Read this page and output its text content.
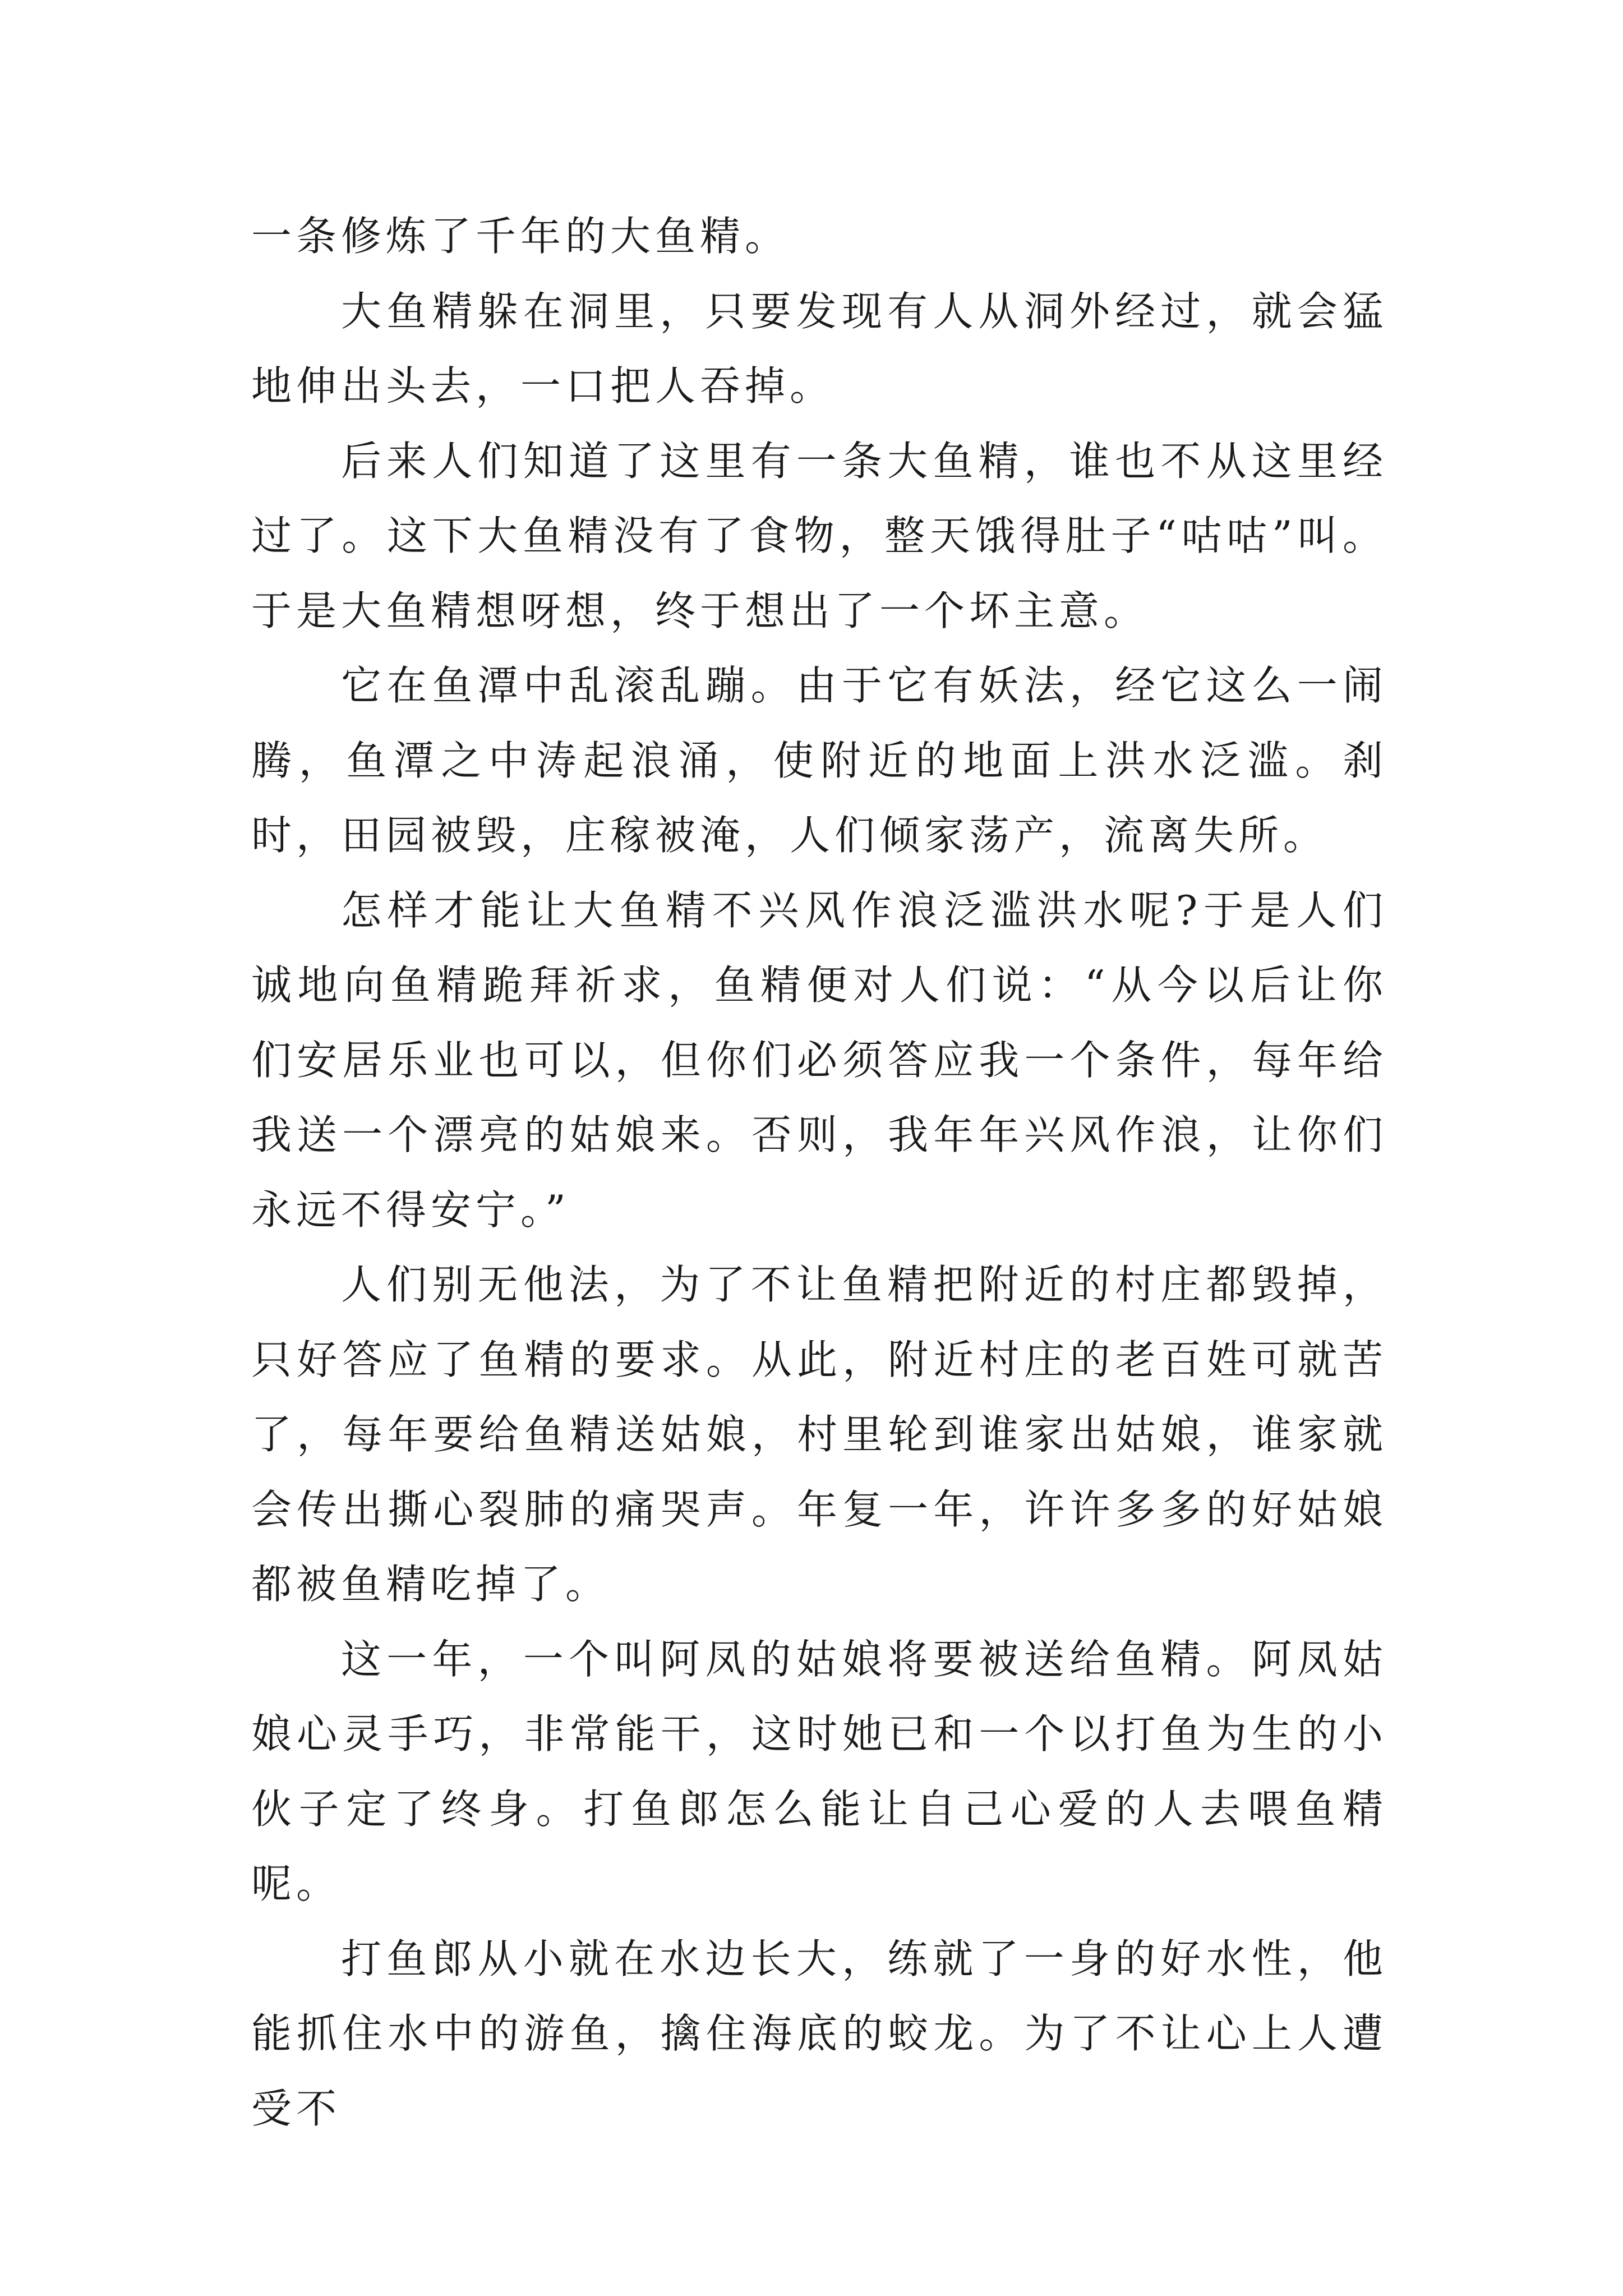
一条修炼了千年的大鱼精。

大鱼精躲在洞里，只要发现有人从洞外经过，就会猛地伸出头去，一口把人吞掉。

后来人们知道了这里有一条大鱼精，谁也不从这里经过了。这下大鱼精没有了食物，整天饿得肚子“咕咕”叫。于是大鱼精想呀想，终于想出了一个坏主意。

它在鱼潭中乱滚乱蹦。由于它有妖法，经它这么一闹腾，鱼潭之中涛起浪涌，使附近的地面上洪水泛滥。刹时，田园被毁，庄稼被淹，人们倾家荡产，流离失所。

怎样才能让大鱼精不兴风作浪泛滥洪水呢?于是人们诚地向鱼精跪拜祈求，鱼精便对人们说：“从今以后让你们安居乐业也可以，但你们必须答应我一个条件，每年给我送一个漂亮的姑娘来。否则，我年年兴风作浪，让你们永远不得安宁。”

人们别无他法，为了不让鱼精把附近的村庄都毁掉，只好答应了鱼精的要求。从此，附近村庄的老百姓可就苦了，每年要给鱼精送姑娘，村里轮到谁家出姑娘，谁家就会传出撕心裂肺的痛哭声。年复一年，许许多多的好姑娘都被鱼精吃掉了。

这一年，一个叫阿凤的姑娘将要被送给鱼精。阿凤姑娘心灵手巧，非常能干，这时她已和一个以打鱼为生的小伙子定了终身。打鱼郎怎么能让自己心爱的人去喂鱼精呢。

打鱼郎从小就在水边长大，练就了一身的好水性，他能抓住水中的游鱼，擒住海底的蛟龙。为了不让心上人遭受不
